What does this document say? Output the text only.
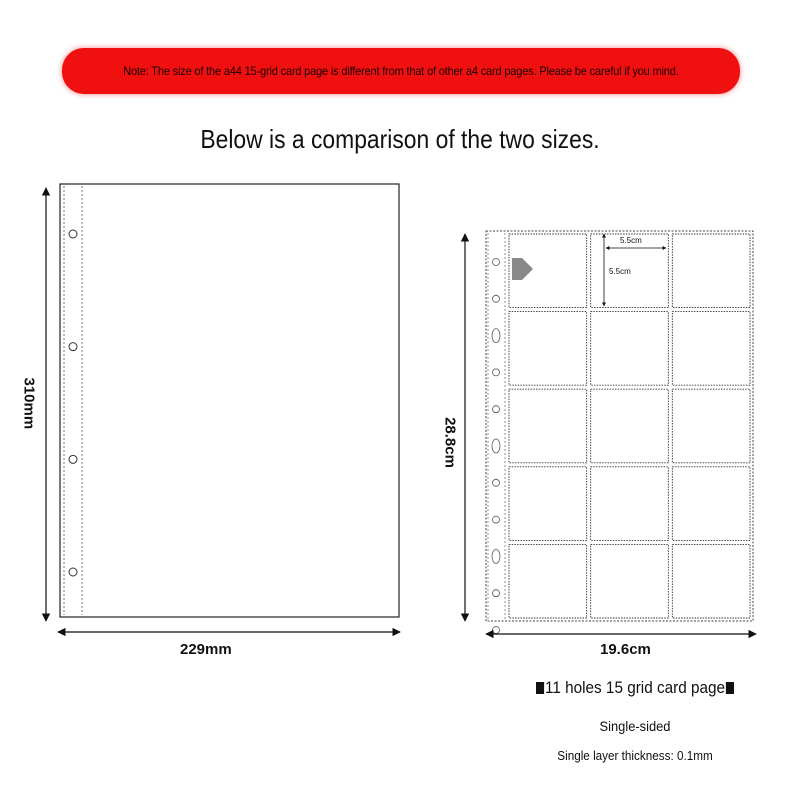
Note: The size of the a44 15-grid card page is different from that of other a4 card pages. Please be careful if you mind.
Below is a comparison of the two sizes.
310mm
229mm
28.8cm
19.6cm
5.5cm
5.5cm
11 holes 15 grid card page
Single-sided
Single layer thickness: 0.1mm
